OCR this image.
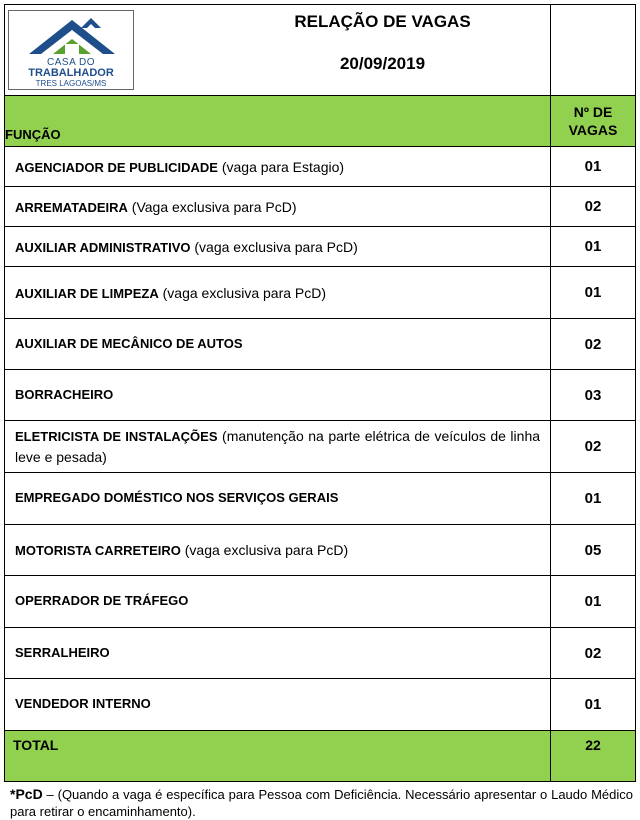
CASA DO
TRABALHADOR
TRES LAGOAS/MS
RELAÇÃO DE VAGAS
20/09/2019	

FUNÇÃO	Nº DE
VAGAS

AGENCIADOR DE PUBLICIDADE (vaga para Estagio)	01
ARREMATADEIRA (Vaga exclusiva para PcD)	02
AUXILIAR ADMINISTRATIVO (vaga exclusiva para PcD)	01
AUXILIAR DE LIMPEZA (vaga exclusiva para PcD)	01
AUXILIAR DE MECÂNICO DE AUTOS	02
BORRACHEIRO	03
ELETRICISTA DE INSTALAÇÕES (manutenção na parte elétrica de veículos de linha leve e pesada)	02
EMPREGADO DOMÉSTICO NOS SERVIÇOS GERAIS	01
MOTORISTA CARRETEIRO (vaga exclusiva para PcD)	05
OPERRADOR DE TRÁFEGO	01
SERRALHEIRO	02
VENDEDOR INTERNO	01
TOTAL	22
*PcD – (Quando a vaga é específica para Pessoa com Deficiência. Necessário apresentar o Laudo Médico para retirar o encaminhamento).
